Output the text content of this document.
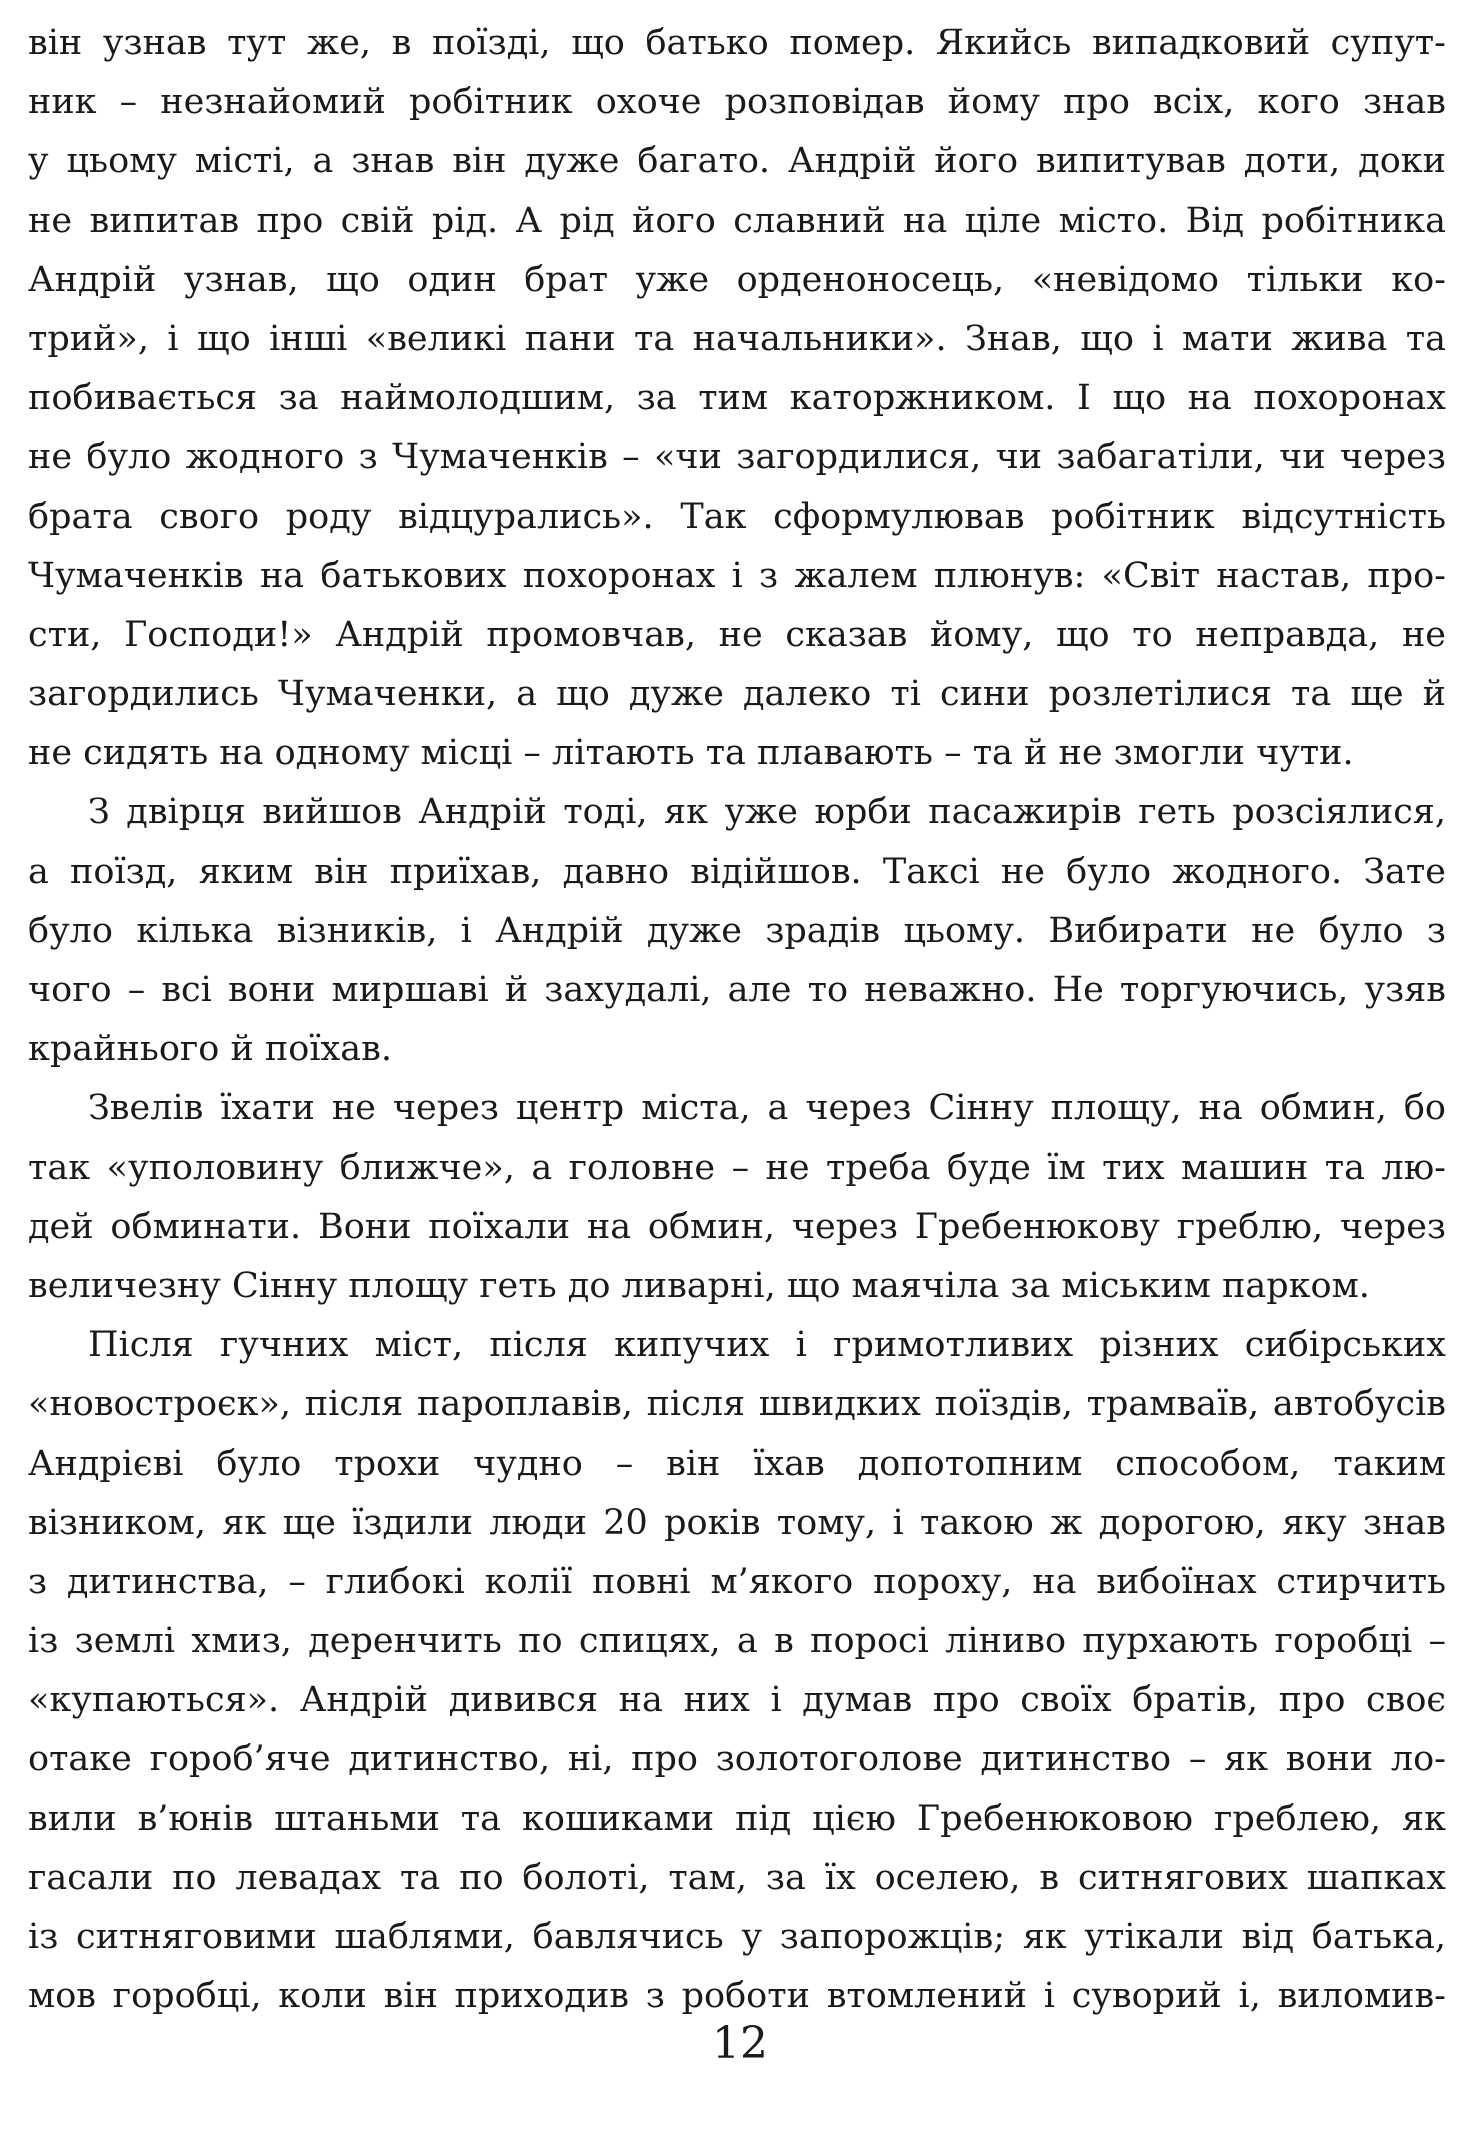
він узнав тут же, в поїзді, що батько помер. Якийсь випадковий супут-
ник – незнайомий робітник охоче розповідав йому про всіх, кого знав
у цьому місті, а знав він дуже багато. Андрій його випитував доти, доки
не випитав про свій рід. А рід його славний на ціле місто. Від робітника
Андрій узнав, що один брат уже орденоносець, «невідомо тільки ко-
трий», і що інші «великі пани та начальники». Знав, що і мати жива та
побивається за наймолодшим, за тим каторжником. І що на похоронах
не було жодного з Чумаченків – «чи загордилися, чи забагатіли, чи через
брата свого роду відцурались». Так сформулював робітник відсутність
Чумаченків на батькових похоронах і з жалем плюнув: «Світ настав, про-
сти, Господи!» Андрій промовчав, не сказав йому, що то неправда, не
загордились Чумаченки, а що дуже далеко ті сини розлетілися та ще й
не сидять на одному місці – літають та плавають – та й не змогли чути.
З двірця вийшов Андрій тоді, як уже юрби пасажирів геть розсіялися,
а поїзд, яким він приїхав, давно відійшов. Таксі не було жодного. Зате
було кілька візників, і Андрій дуже зрадів цьому. Вибирати не було з
чого – всі вони миршаві й захудалі, але то неважно. Не торгуючись, узяв
крайнього й поїхав.
Звелів їхати не через центр міста, а через Сінну площу, на обмин, бо
так «уполовину ближче», а головне – не треба буде їм тих машин та лю-
дей обминати. Вони поїхали на обмин, через Гребенюкову греблю, через
величезну Сінну площу геть до ливарні, що маячіла за міським парком.
Після гучних міст, після кипучих і гримотливих різних сибірських
«новостроєк», після пароплавів, після швидких поїздів, трамваїв, автобусів
Андрієві було трохи чудно – він їхав допотопним способом, таким
візником, як ще їздили люди 20 років тому, і такою ж дорогою, яку знав
з дитинства, – глибокі колії повні м’якого пороху, на вибоїнах стирчить
із землі хмиз, деренчить по спицях, а в поросі ліниво пурхають горобці –
«купаються». Андрій дивився на них і думав про своїх братів, про своє
отаке гороб’яче дитинство, ні, про золотоголове дитинство – як вони ло-
вили в’юнів штаньми та кошиками під цією Гребенюковою греблею, як
гасали по левадах та по болоті, там, за їх оселею, в ситнягових шапках
із ситняговими шаблями, бавлячись у запорожців; як утікали від батька,
мов горобці, коли він приходив з роботи втомлений і суворий і, виломив-
12
